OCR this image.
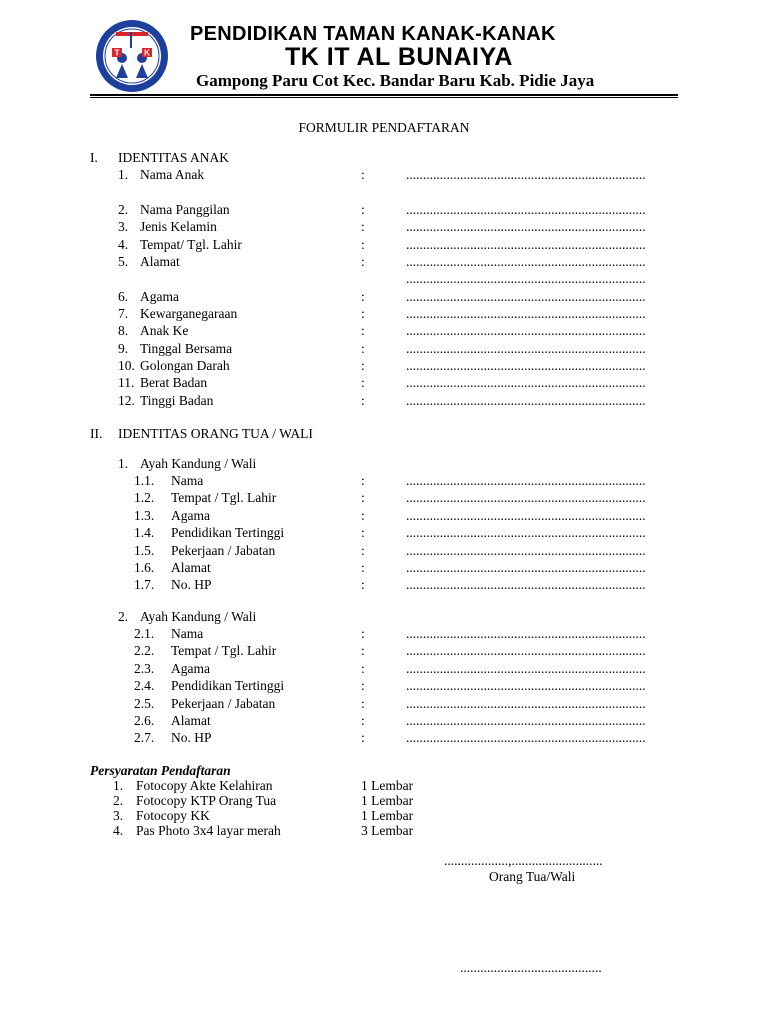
T	K
PENDIDIKAN TAMAN KANAK-KANAK
TK IT AL BUNAIYA
Gampong Paru Cot Kec. Bandar Baru Kab. Pidie Jaya
FORMULIR PENDAFTARAN
I. IDENTITAS ANAK
1. Nama Anak	:	.......................................................................
2. Nama Panggilan	:	.......................................................................
3. Jenis Kelamin	:	.......................................................................
4. Tempat/ Tgl. Lahir	:	.......................................................................
5. Alamat	:	.......................................................................
6. Agama	:	.......................................................................
7. Kewarganegaraan	:	.......................................................................
8. Anak Ke	:	.......................................................................
9. Tinggal Bersama	:	.......................................................................
10. Golongan Darah	:	.......................................................................
11. Berat Badan	:	.......................................................................
12. Tinggi Badan	:	.......................................................................
.......................................................................
II. IDENTITAS ORANG TUA / WALI
1. Ayah Kandung / Wali
1.1. Nama	:	.......................................................................
1.2. Tempat / Tgl. Lahir	:	.......................................................................
1.3. Agama	:	.......................................................................
1.4. Pendidikan Tertinggi	:	.......................................................................
1.5. Pekerjaan / Jabatan	:	.......................................................................
1.6. Alamat	:	.......................................................................
1.7. No. HP	:	.......................................................................
2. Ayah Kandung / Wali
2.1. Nama	:	.......................................................................
2.2. Tempat / Tgl. Lahir	:	.......................................................................
2.3. Agama	:	.......................................................................
2.4. Pendidikan Tertinggi	:	.......................................................................
2.5. Pekerjaan / Jabatan	:	.......................................................................
2.6. Alamat	:	.......................................................................
2.7. No. HP	:	.......................................................................
Persyaratan Pendaftaran
1. Fotocopy Akte Kelahiran	1 Lembar
2. Fotocopy KTP Orang Tua	1 Lembar
3. Fotocopy KK	1 Lembar
4. Pas Photo 3x4 layar merah	3 Lembar
...................,...........................
Orang Tua/Wali
..........................................
